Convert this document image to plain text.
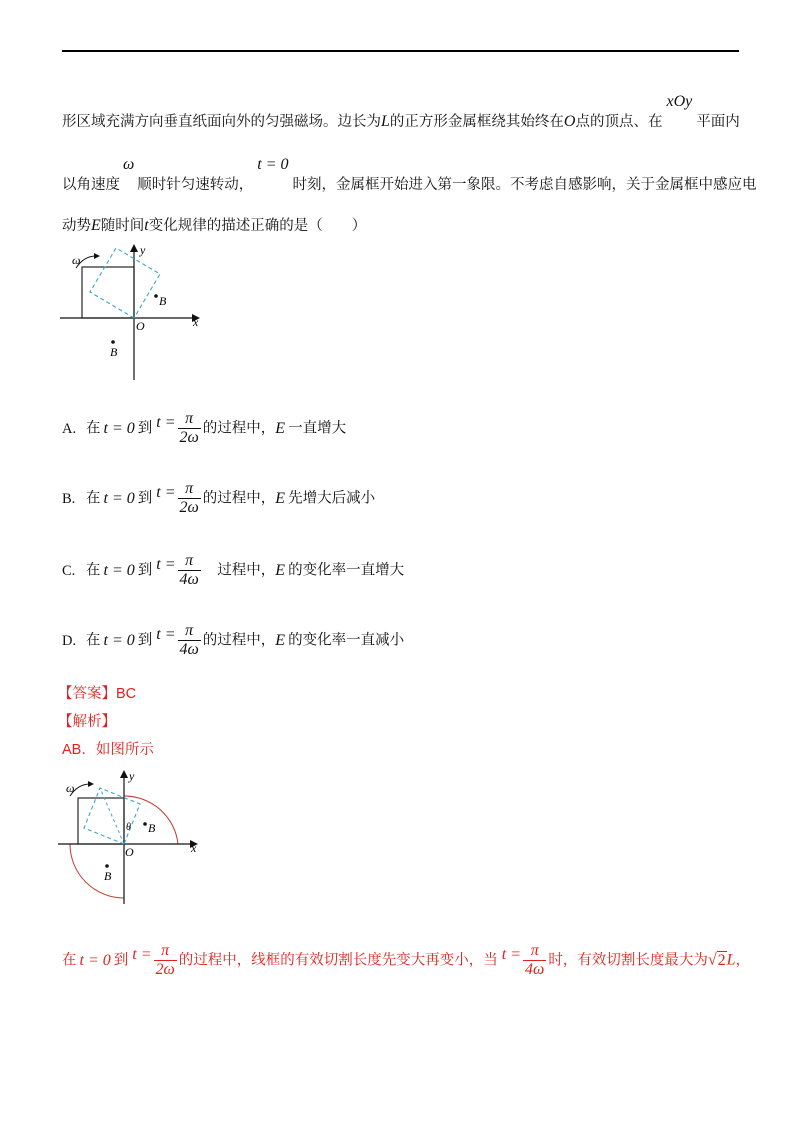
形区域充满方向垂直纸面向外的匀强磁场。边长为L的正方形金属框绕其始终在O点的顶点、在xOy平面内
以角速度ω顺时针匀速转动，t = 0时刻，金属框开始进入第一象限。不考虑自感影响，关于金属框中感应电
动势E随时间t变化规律的描述正确的是（　　）
ω
y
x
O
B
B
A. 在 t = 0 到 $t = \frac{\pi}{2\omega}$ 的过程中，E 一直增大
B. 在 t = 0 到 $t = \frac{\pi}{2\omega}$ 的过程中，E 先增大后减小
C. 在 t = 0 到 $t = \frac{\pi}{4\omega}$ 　过程中，E 的变化率一直增大
D. 在 t = 0 到 $t = \frac{\pi}{4\omega}$ 的过程中，E 的变化率一直减小
【答案】BC
【解析】
AB．如图所示
ω
y
x
O
θ B
B
在 t = 0 到 $t = \frac{\pi}{2\omega}$ 的过程中，线框的有效切割长度先变大再变小，当 $t = \frac{\pi}{4\omega}$ 时，有效切割长度最大为√2L，
